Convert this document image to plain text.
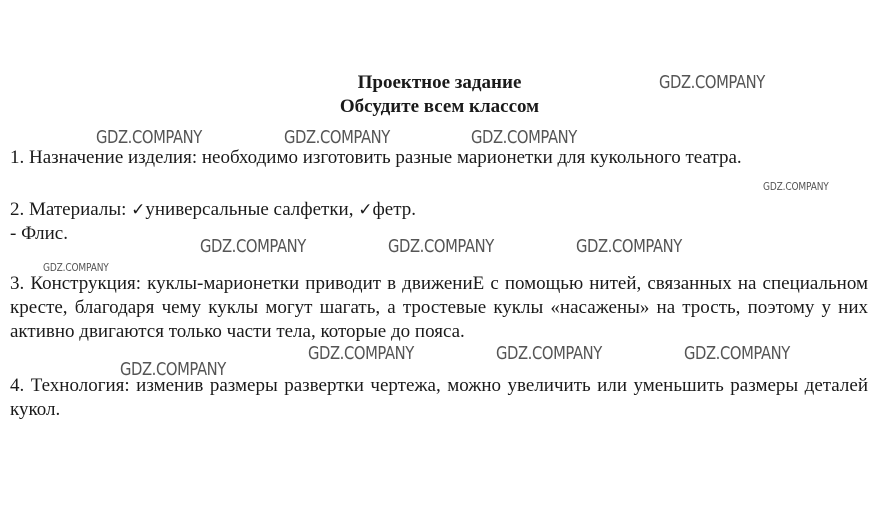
Проектное задание

Обсудите всем классом

1. Назначение изделия: необходимо изготовить разные марионетки для кукольного театра.

2. Материалы: ✓универсальные салфетки, ✓фетр.

- Флис.

3. Конструкция: куклы-марионетки приводит в движениЕ с помощью нитей, связанных на специальном кресте, благодаря чему куклы могут шагать, а тростевые куклы «насажены» на трость, поэтому у них активно двигаются только части тела, которые до пояса.

4. Технология: изменив размеры развертки чертежа, можно увеличить или уменьшить размеры деталей кукол.

GDZ.COMPANY
GDZ.COMPANY	GDZ.COMPANY	GDZ.COMPANY
GDZ.COMPANY
GDZ.COMPANY	GDZ.COMPANY	GDZ.COMPANY
GDZ.COMPANY
GDZ.COMPANY
GDZ.COMPANY	GDZ.COMPANY	GDZ.COMPANY
